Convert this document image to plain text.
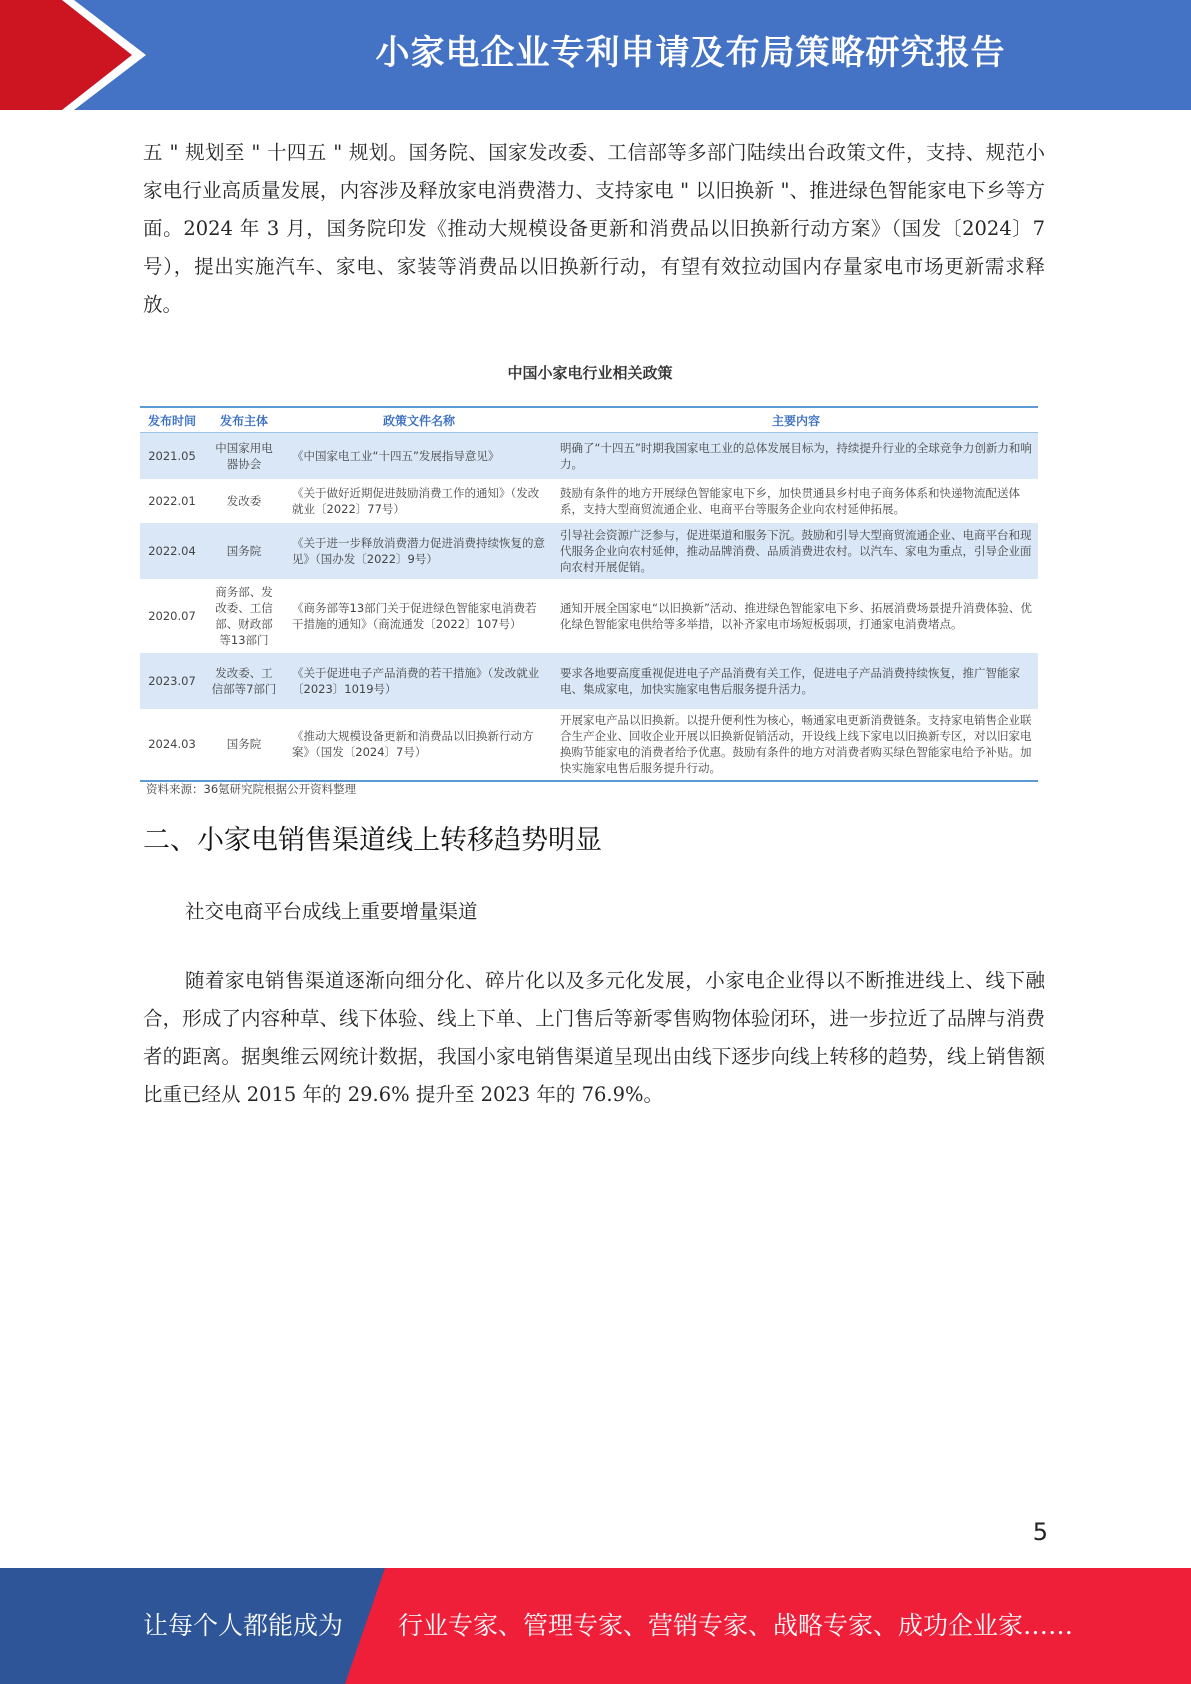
小家电企业专利申请及布局策略研究报告
五 " 规划至 " 十四五 " 规划。国务院、国家发改委、工信部等多部门陆续出台政策文件，支持、规范小家电行业高质量发展，内容涉及释放家电消费潜力、支持家电 " 以旧换新 "、推进绿色智能家电下乡等方面。2024 年 3 月，国务院印发《推动大规模设备更新和消费品以旧换新行动方案》（国发〔2024〕7 号），提出实施汽车、家电、家装等消费品以旧换新行动，有望有效拉动国内存量家电市场更新需求释放。
中国小家电行业相关政策
发布时间	发布主体	政策文件名称	主要内容
2021.05	中国家用电器协会	《中国家电工业“十四五”发展指导意见》	明确了“十四五”时期我国家电工业的总体发展目标为，持续提升行业的全球竞争力创新力和响力。
2022.01	发改委	《关于做好近期促进鼓励消费工作的通知》（发改就业〔2022〕77号）	鼓励有条件的地方开展绿色智能家电下乡，加快贯通县乡村电子商务体系和快递物流配送体系，支持大型商贸流通企业、电商平台等服务企业向农村延伸拓展。
2022.04	国务院	《关于进一步释放消费潜力促进消费持续恢复的意见》（国办发〔2022〕9号）	引导社会资源广泛参与，促进渠道和服务下沉。鼓励和引导大型商贸流通企业、电商平台和现代服务企业向农村延伸，推动品牌消费、品质消费进农村。以汽车、家电为重点，引导企业面向农村开展促销。
2020.07	商务部、发改委、工信部、财政部等13部门	《商务部等13部门关于促进绿色智能家电消费若干措施的通知》（商流通发〔2022〕107号）	通知开展全国家电“以旧换新”活动、推进绿色智能家电下乡、拓展消费场景提升消费体验、优化绿色智能家电供给等多举措，以补齐家电市场短板弱项，打通家电消费堵点。
2023.07	发改委、工信部等7部门	《关于促进电子产品消费的若干措施》（发改就业〔2023〕1019号）	要求各地要高度重视促进电子产品消费有关工作，促进电子产品消费持续恢复，推广智能家电、集成家电，加快实施家电售后服务提升活力。
2024.03	国务院	《推动大规模设备更新和消费品以旧换新行动方案》（国发〔2024〕7号）	开展家电产品以旧换新。以提升便利性为核心，畅通家电更新消费链条。支持家电销售企业联合生产企业、回收企业开展以旧换新促销活动，开设线上线下家电以旧换新专区，对以旧家电换购节能家电的消费者给予优惠。鼓励有条件的地方对消费者购买绿色智能家电给予补贴。加快实施家电售后服务提升行动。
资料来源：36氪研究院根据公开资料整理
二、小家电销售渠道线上转移趋势明显
社交电商平台成线上重要增量渠道
随着家电销售渠道逐渐向细分化、碎片化以及多元化发展，小家电企业得以不断推进线上、线下融合，形成了内容种草、线下体验、线上下单、上门售后等新零售购物体验闭环，进一步拉近了品牌与消费者的距离。据奥维云网统计数据，我国小家电销售渠道呈现出由线下逐步向线上转移的趋势，线上销售额比重已经从 2015 年的 29.6% 提升至 2023 年的 76.9%。
5
让每个人都能成为 行业专家、管理专家、营销专家、战略专家、成功企业家……
